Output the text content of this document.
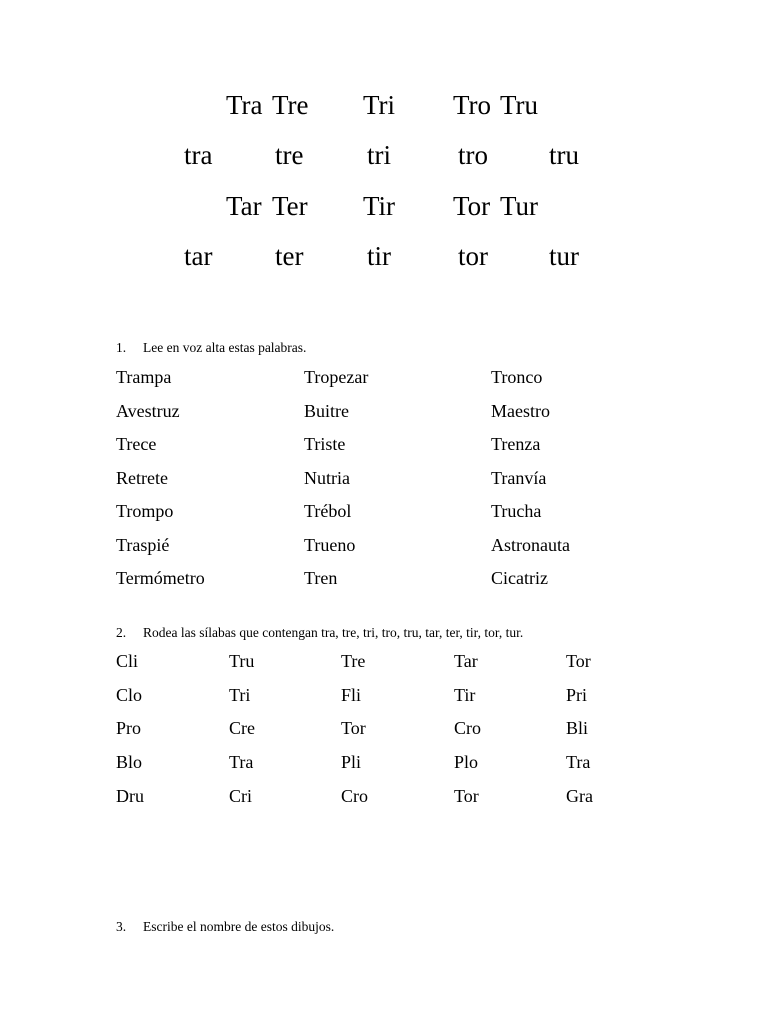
Tra Tre Tri Tro Tru
tra tre tri tro tru
Tar Ter Tir Tor Tur
tar ter tir tor tur
1. Lee en voz alta estas palabras.
Trampa	Tropezar	Tronco
Avestruz	Buitre	Maestro
Trece	Triste	Trenza
Retrete	Nutria	Tranvía
Trompo	Trébol	Trucha
Traspié	Trueno	Astronauta
Termómetro	Tren	Cicatriz
2. Rodea las sílabas que contengan tra, tre, tri, tro, tru, tar, ter, tir, tor, tur.
Cli	Tru	Tre	Tar	Tor
Clo	Tri	Fli	Tir	Pri
Pro	Cre	Tor	Cro	Bli
Blo	Tra	Pli	Plo	Tra
Dru	Cri	Cro	Tor	Gra
3. Escribe el nombre de estos dibujos.
